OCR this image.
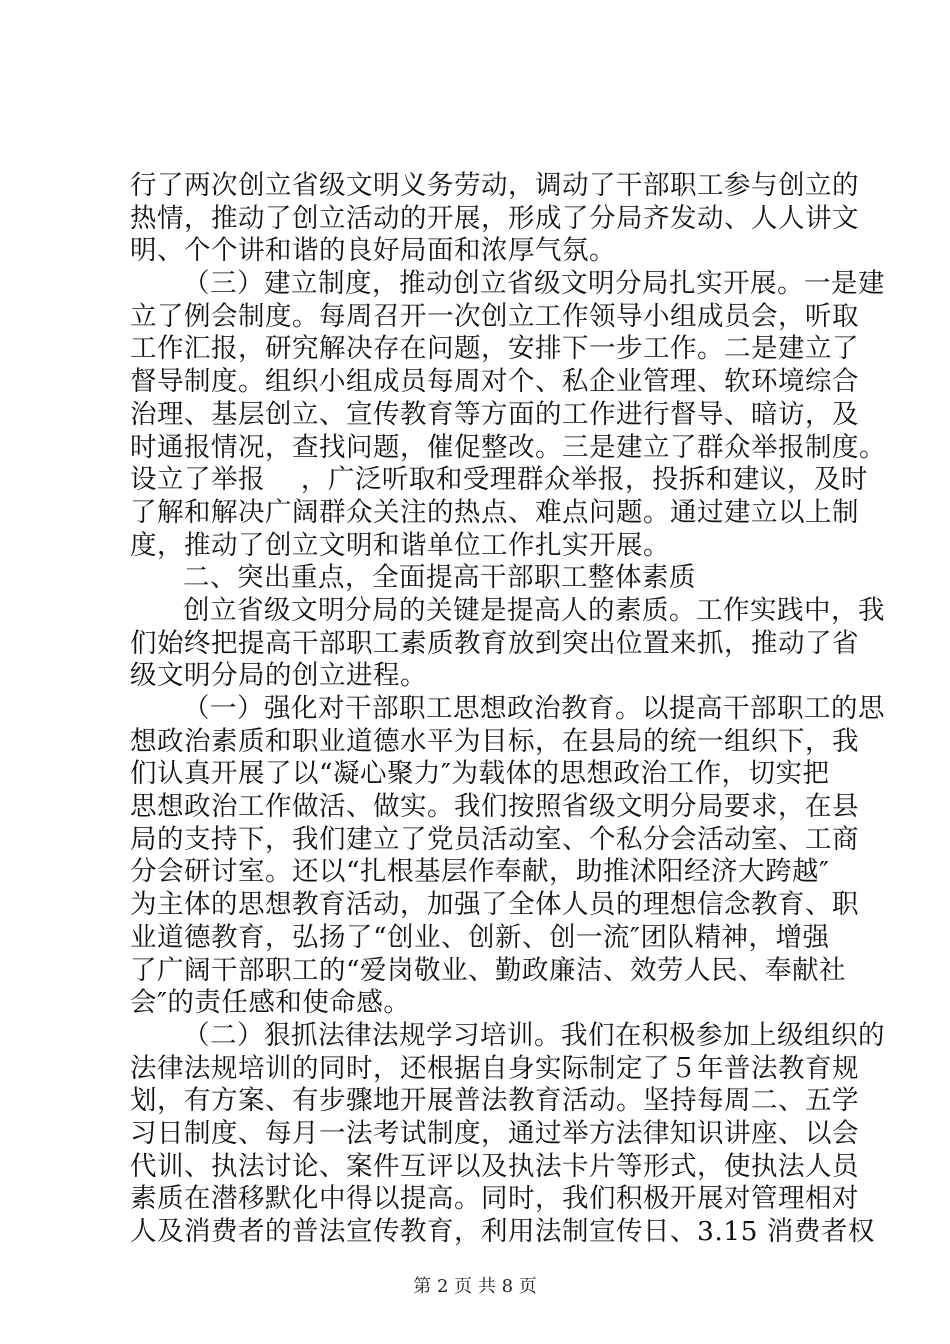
行了两次创立省级文明义务劳动，调动了干部职工参与创立的
热情，推动了创立活动的开展，形成了分局齐发动、人人讲文
明、个个讲和谐的良好局面和浓厚气氛。
（三）建立制度，推动创立省级文明分局扎实开展。一是建
立了例会制度。每周召开一次创立工作领导小组成员会，听取
工作汇报，研究解决存在问题，安排下一步工作。二是建立了
督导制度。组织小组成员每周对个、私企业管理、软环境综合
治理、基层创立、宣传教育等方面的工作进行督导、暗访，及
时通报情况，查找问题，催促整改。三是建立了群众举报制度。
设立了举报　 ，广泛听取和受理群众举报，投拆和建议，及时
了解和解决广阔群众关注的热点、难点问题。通过建立以上制
度，推动了创立文明和谐单位工作扎实开展。
二、突出重点，全面提高干部职工整体素质
创立省级文明分局的关键是提高人的素质。工作实践中，我
们始终把提高干部职工素质教育放到突出位置来抓，推动了省
级文明分局的创立进程。
（一）强化对干部职工思想政治教育。以提高干部职工的思
想政治素质和职业道德水平为目标，在县局的统一组织下，我
们认真开展了以“凝心聚力″为载体的思想政治工作，切实把
思想政治工作做活、做实。我们按照省级文明分局要求，在县
局的支持下，我们建立了党员活动室、个私分会活动室、工商
分会研讨室。还以“扎根基层作奉献，助推沭阳经济大跨越″
为主体的思想教育活动，加强了全体人员的理想信念教育、职
业道德教育，弘扬了“创业、创新、创一流″团队精神，增强
了广阔干部职工的“爱岗敬业、勤政廉洁、效劳人民、奉献社
会″的责任感和使命感。
（二）狠抓法律法规学习培训。我们在积极参加上级组织的
法律法规培训的同时，还根据自身实际制定了５年普法教育规
划，有方案、有步骤地开展普法教育活动。坚持每周二、五学
习日制度、每月一法考试制度，通过举方法律知识讲座、以会
代训、执法讨论、案件互评以及执法卡片等形式，使执法人员
素质在潜移默化中得以提高。同时，我们积极开展对管理相对
人及消费者的普法宣传教育，利用法制宣传日、3.15 消费者权
第 2 页 共 8 页
